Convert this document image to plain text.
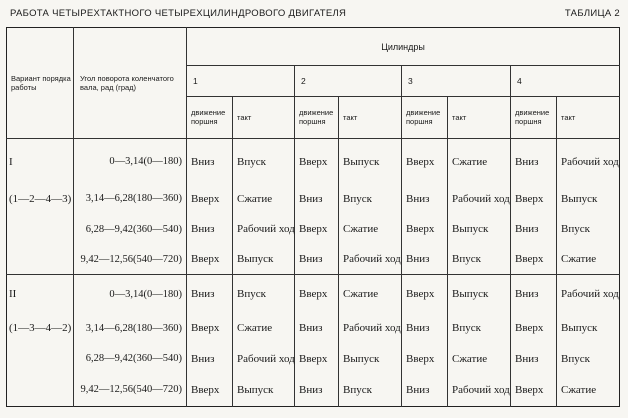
РАБОТА ЧЕТЫРЕХТАКТНОГО ЧЕТЫРЕХЦИЛИНДРОВОГО ДВИГАТЕЛЯ	ТАБЛИЦА 2
Вариант порядка работы	Угол поворота коленчатого вала, рад (град)	Цилиндры							
		1		2		3		4	
		движение поршня	такт	движение поршня	такт	движение поршня	такт	движение поршня	такт
I	0—3,14(0—180)	Вниз	Впуск	Вверх	Выпуск	Вверх	Сжатие	Вниз	Рабочий ход
(1—2—4—3)	3,14—6,28(180—360)	Вверх	Сжатие	Вниз	Впуск	Вниз	Рабочий ход	Вверх	Выпуск
	6,28—9,42(360—540)	Вниз	Рабочий ход	Вверх	Сжатие	Вверх	Выпуск	Вниз	Впуск
	9,42—12,56(540—720)	Вверх	Выпуск	Вниз	Рабочий ход	Вниз	Впуск	Вверх	Сжатие
II	0—3,14(0—180)	Вниз	Впуск	Вверх	Сжатие	Вверх	Выпуск	Вниз	Рабочий ход
(1—3—4—2)	3,14—6,28(180—360)	Вверх	Сжатие	Вниз	Рабочий ход	Вниз	Впуск	Вверх	Выпуск
	6,28—9,42(360—540)	Вниз	Рабочий ход	Вверх	Выпуск	Вверх	Сжатие	Вниз	Впуск
	9,42—12,56(540—720)	Вверх	Выпуск	Вниз	Впуск	Вниз	Рабочий ход	Вверх	Сжатие
